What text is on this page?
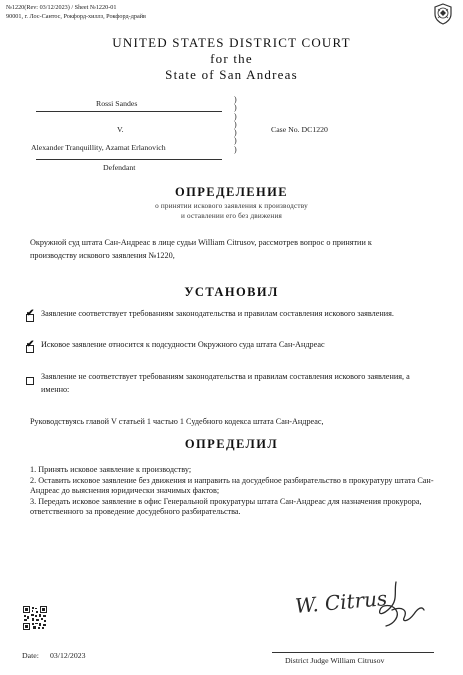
№1220(Rev: 03/12/2023) / Sheet №1220-01
90001, г. Лос-Сантос, Рокфорд-хиллз, Рокфорд-драйв
UNITED STATES DISTRICT COURT
for the
State of San Andreas
Rossi Sandes
V.
Alexander Tranquillity, Azamat Erlanovich
Defendant
)
)
)
)
)
)
)
Case No. DC1220
ОПРЕДЕЛЕНИЕ
о принятии искового заявления к производству
и оставлении его без движения
Окружной суд штата Сан-Андреас в лице судьи William Citrusov, рассмотрев вопрос о принятии к производству искового заявления №1220,
УСТАНОВИЛ
✔ Заявление соответствует требованиям законодательства и правилам составления искового заявления.
✔ Исковое заявление относится к подсудности Окружного суда штата Сан-Андреас
Заявление не соответствует требованиям законодательства и правилам составления искового заявления, а именно:
Руководствуясь главой V статьей 1 частью 1 Судебного кодекса штата Сан-Андреас,
ОПРЕДЕЛИЛ
1. Принять исковое заявление к производству;
2. Оставить исковое заявление без движения и направить на досудебное разбирательство в прокуратуру штата Сан-Андреас до выяснения юридически значимых фактов;
3. Передать исковое заявление в офис Генеральной прокуратуры штата Сан-Андреас для назначения прокурора, ответственного за проведение досудебного разбирательства.
W. Citrus
District Judge William Citrusov
Date: 03/12/2023
